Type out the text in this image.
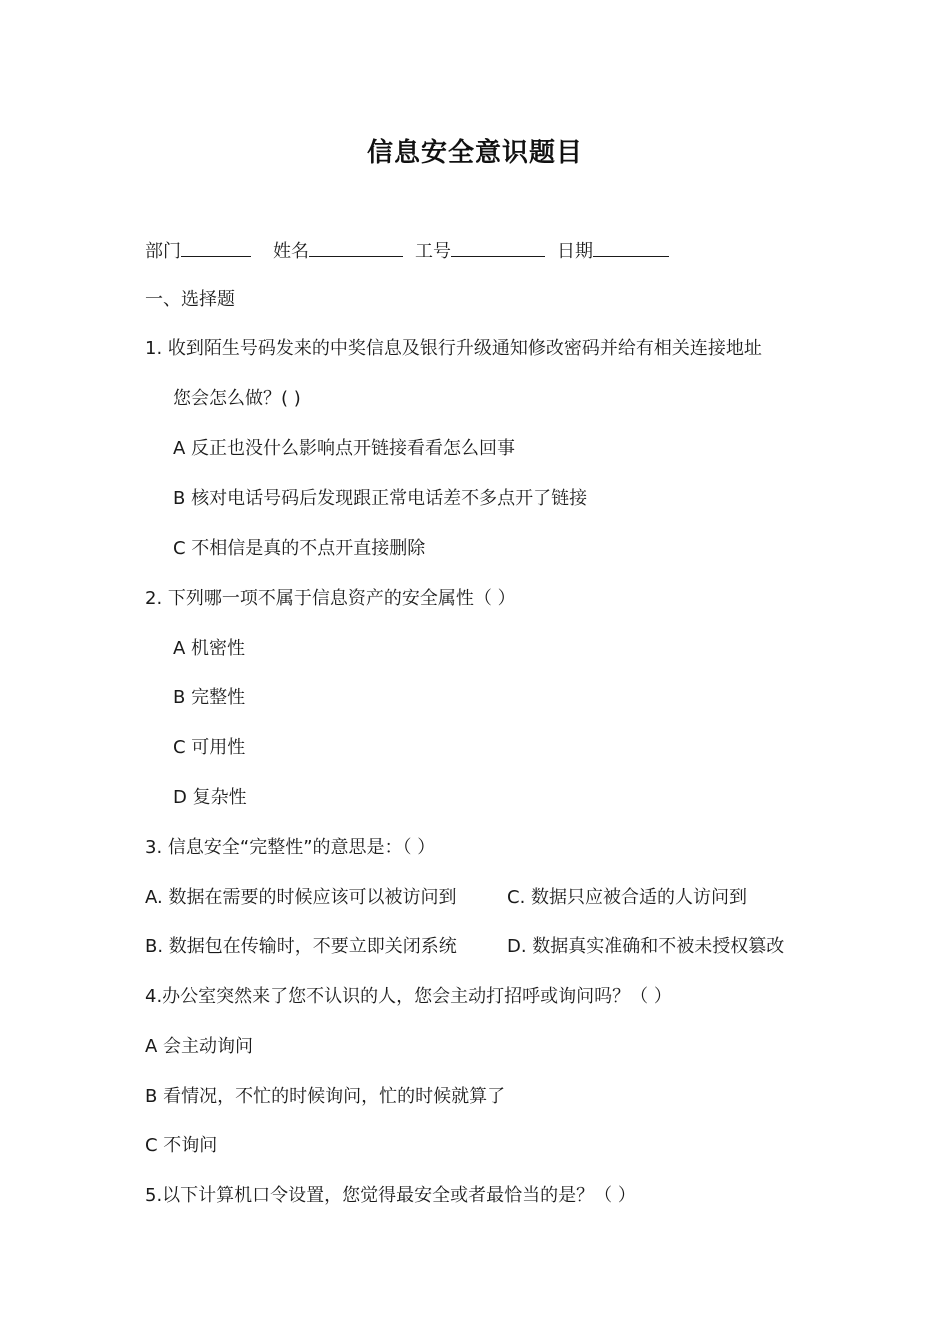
信息安全意识题目
部门	姓名	工号	日期
一、选择题
1. 收到陌生号码发来的中奖信息及银行升级通知修改密码并给有相关连接地址
您会怎么做？( )
A 反正也没什么影响点开链接看看怎么回事
B 核对电话号码后发现跟正常电话差不多点开了链接
C 不相信是真的不点开直接删除
2. 下列哪一项不属于信息资产的安全属性（ ）
A 机密性
B 完整性
C 可用性
D 复杂性
3. 信息安全“完整性”的意思是：（ ）
A. 数据在需要的时候应该可以被访问到	C. 数据只应被合适的人访问到
B. 数据包在传输时，不要立即关闭系统	D. 数据真实准确和不被未授权篡改
4.办公室突然来了您不认识的人，您会主动打招呼或询问吗？（ ）
A 会主动询问
B 看情况，不忙的时候询问，忙的时候就算了
C 不询问
5.以下计算机口令设置，您觉得最安全或者最恰当的是？（ ）
